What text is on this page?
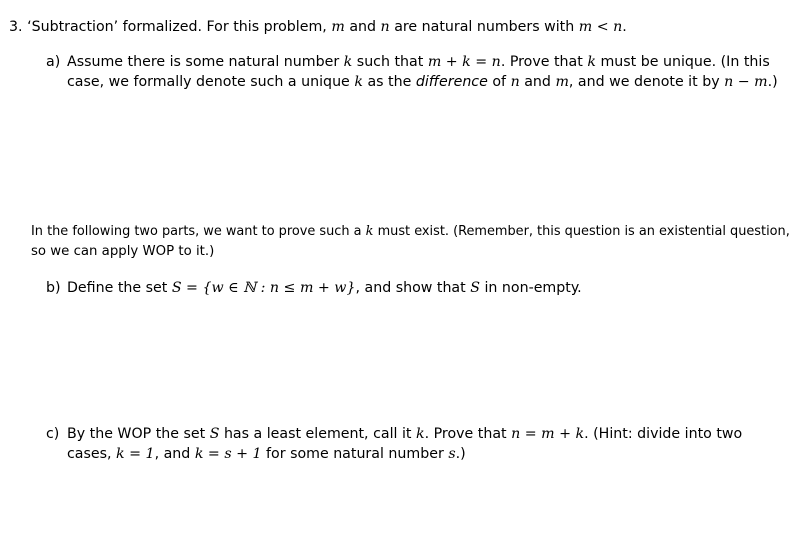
3. ‘Subtraction’ formalized. For this problem, m and n are natural numbers with m < n.
a) Assume there is some natural number k such that m + k = n. Prove that k must be unique. (In this
case, we formally denote such a unique k as the difference of n and m, and we denote it by n − m.)
In the following two parts, we want to prove such a k must exist. (Remember, this question is an existential question,
so we can apply WOP to it.)
b) Define the set S = {w ∈ ℕ : n ≤ m + w}, and show that S in non-empty.
c) By the WOP the set S has a least element, call it k. Prove that n = m + k. (Hint: divide into two
cases, k = 1, and k = s + 1 for some natural number s.)
